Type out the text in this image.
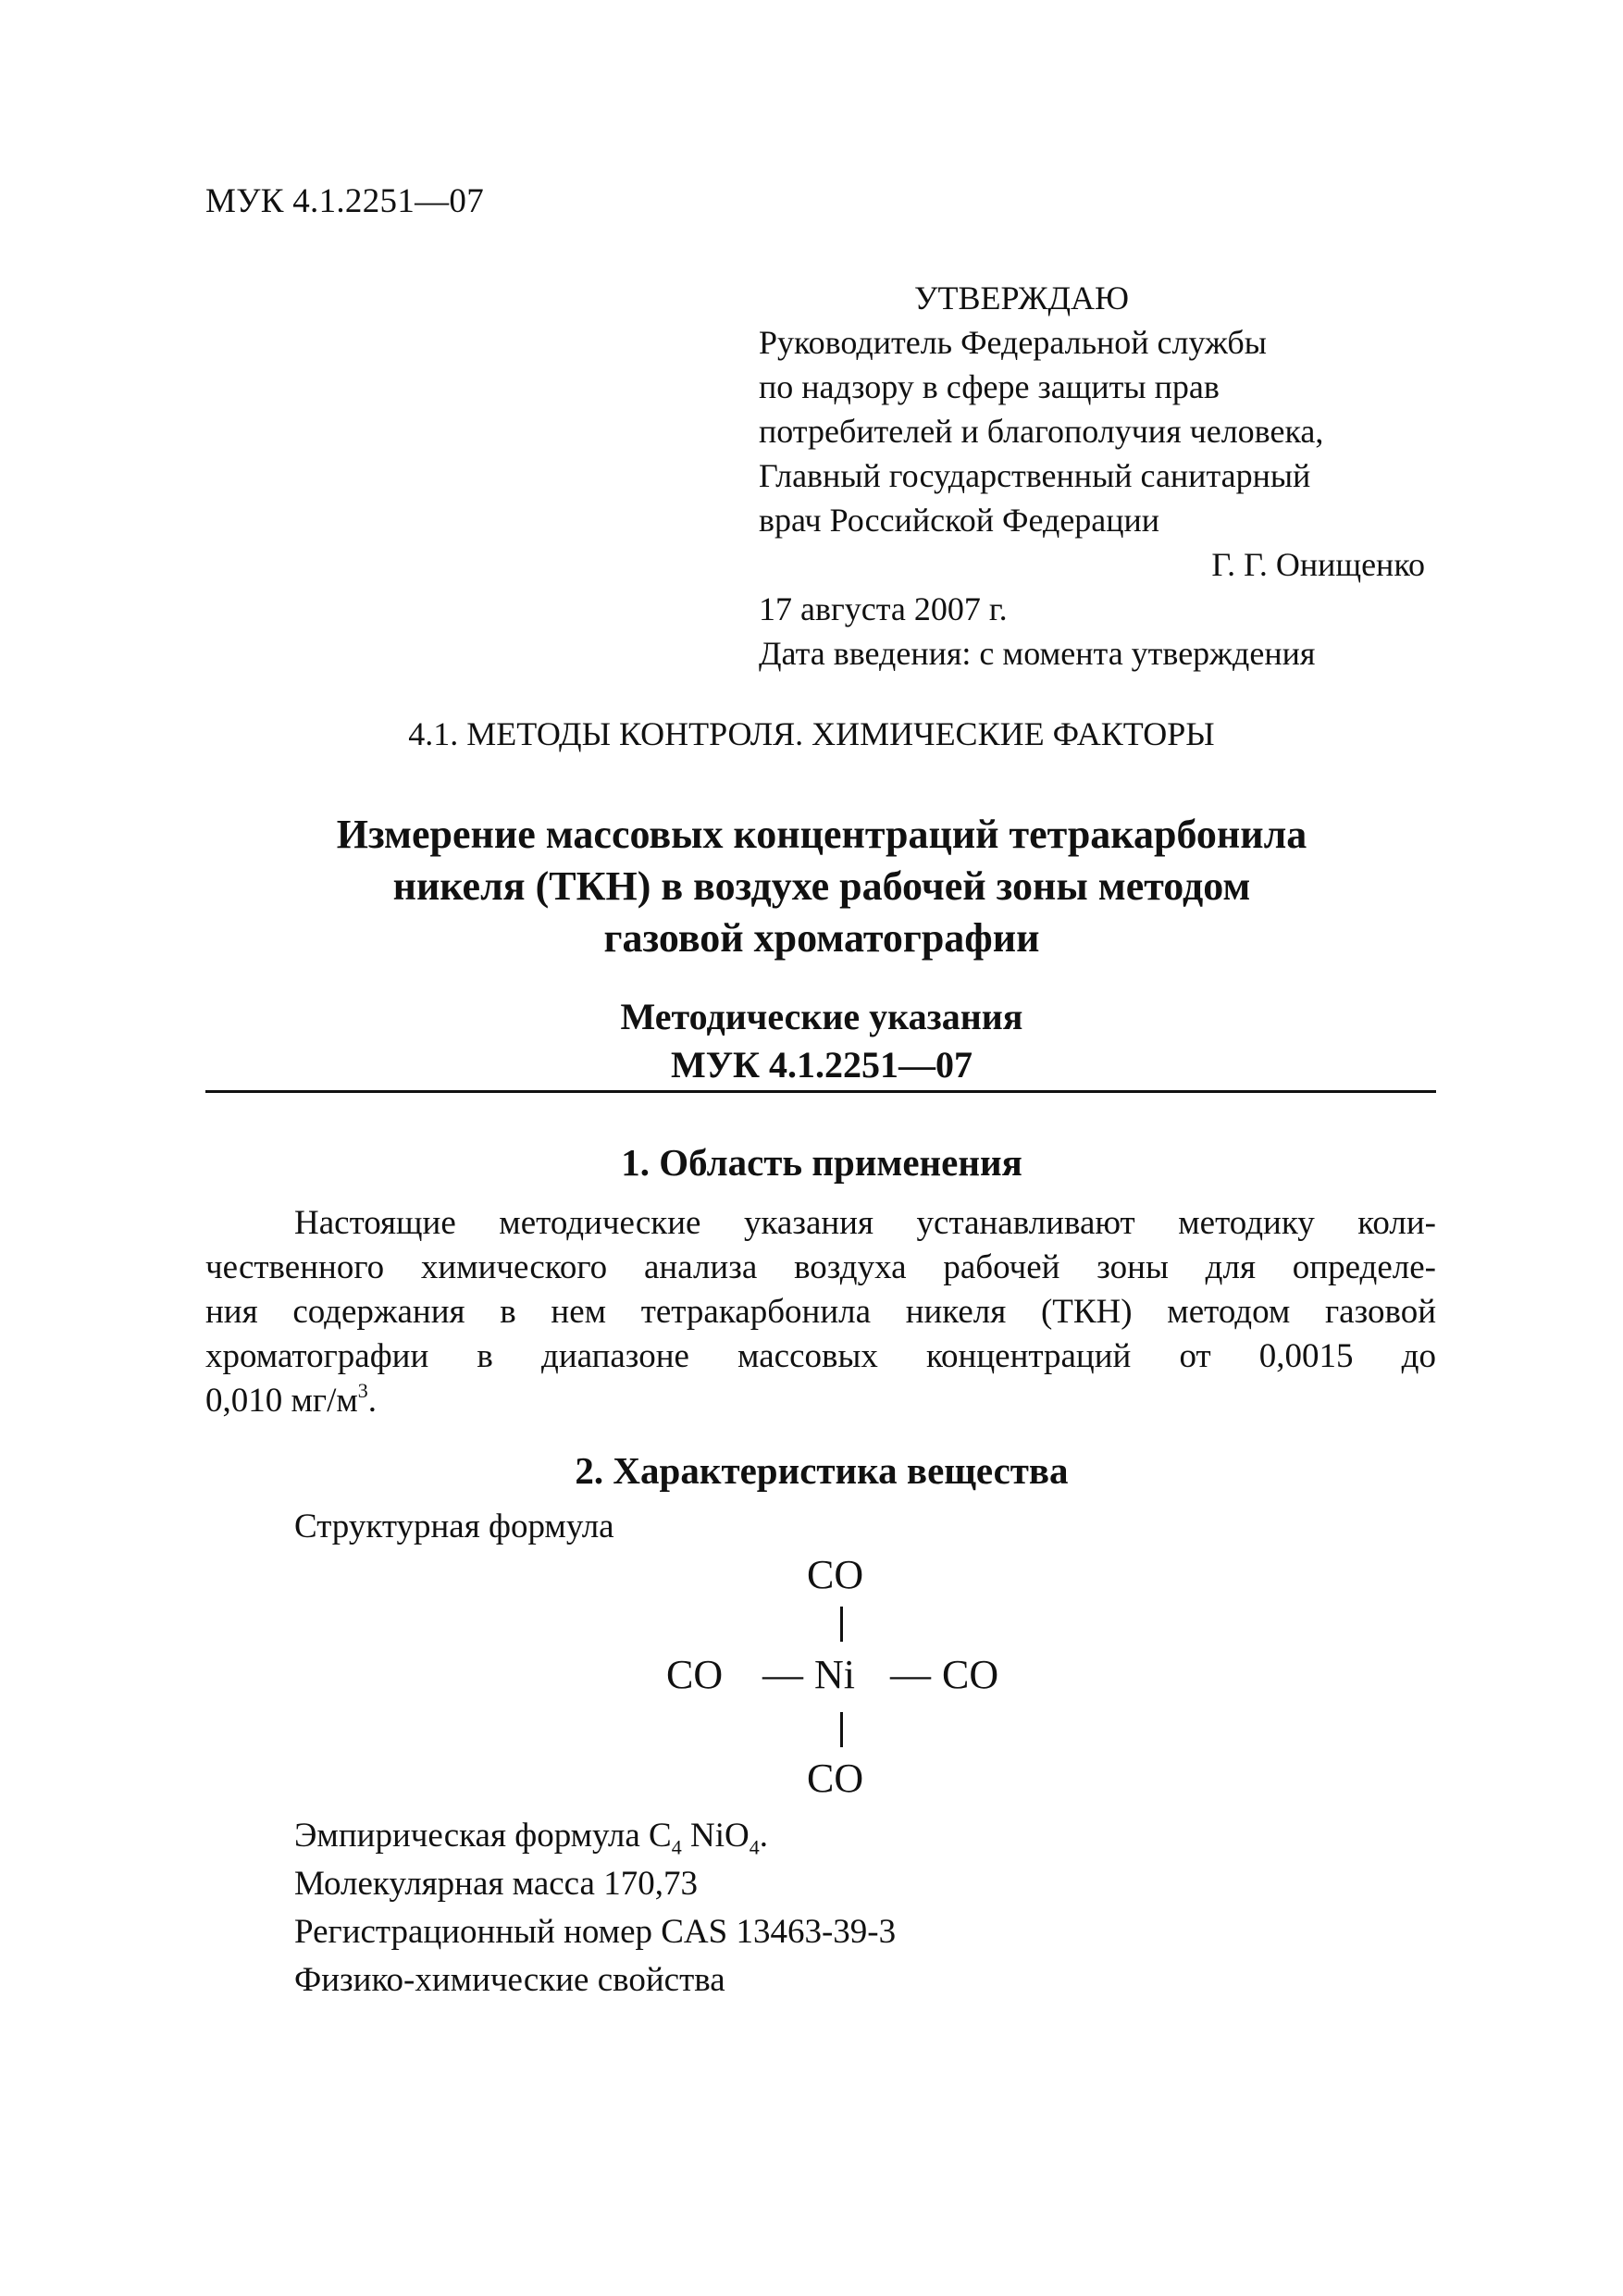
МУК 4.1.2251—07
УТВЕРЖДАЮ
Руководитель Федеральной службы
по надзору в сфере защиты прав
потребителей и благополучия человека,
Главный государственный санитарный
врач Российской Федерации
Г. Г. Онищенко
17 августа 2007 г.
Дата введения: с момента утверждения
4.1. МЕТОДЫ КОНТРОЛЯ. ХИМИЧЕСКИЕ ФАКТОРЫ
Измерение массовых концентраций тетракарбонила
никеля (ТКН) в воздухе рабочей зоны методом
газовой хроматографии
Методические указания
МУК 4.1.2251—07
1. Область применения
Настоящие методические указания устанавливают методику коли-
чественного химического анализа воздуха рабочей зоны для определе-
ния содержания в нем тетракарбонила никеля (ТКН) методом газовой
хроматографии в диапазоне массовых концентраций от 0,0015 до
0,010 $мг/м^3$.
2. Характеристика вещества
Структурная формула
CO
CO — Ni — CO
CO
Эмпирическая формула $C_4$ NiO$_4$.
Молекулярная масса 170,73
Регистрационный номер CAS 13463-39-3
Физико-химические свойства
